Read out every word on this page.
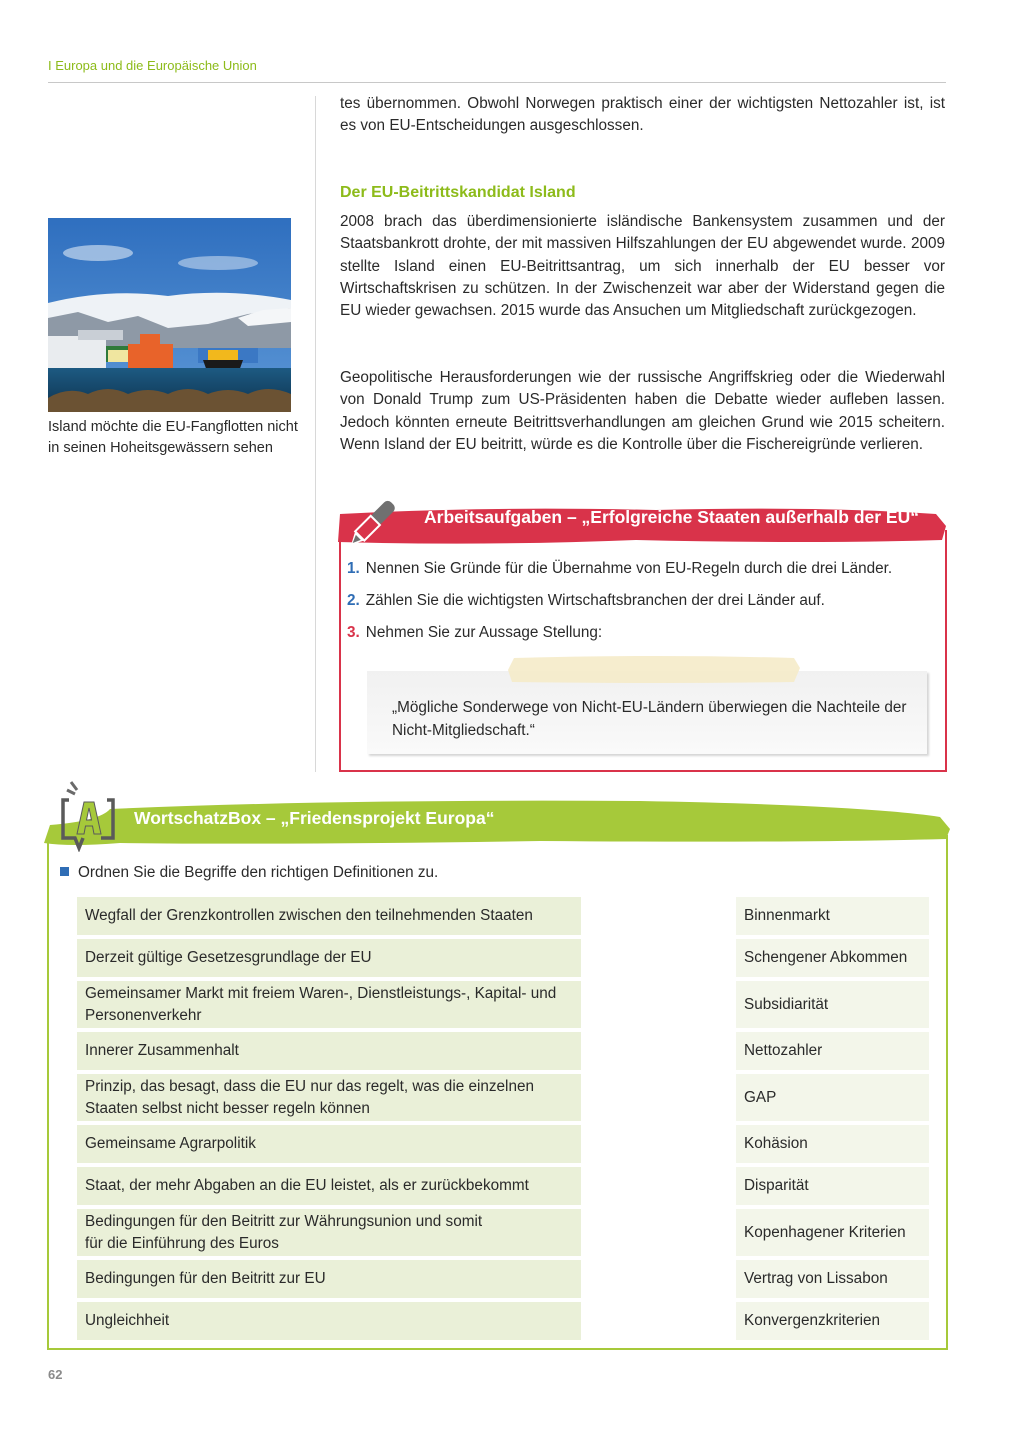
I Europa und die Europäische Union

tes übernommen. Obwohl Norwegen praktisch einer der wichtigsten Nettozahler ist, ist es von EU-Entscheidungen ausgeschlossen.

Der EU-Beitrittskandidat Island

2008 brach das überdimensionierte isländische Bankensystem zusammen und der Staatsbankrott drohte, der mit massiven Hilfszahlungen der EU abgewendet wurde. 2009 stellte Island einen EU-Beitrittsantrag, um sich innerhalb der EU besser vor Wirtschaftskrisen zu schützen. In der Zwischenzeit war aber der Widerstand gegen die EU wieder gewachsen. 2015 wurde das Ansuchen um Mitgliedschaft zurückgezogen.

Geopolitische Herausforderungen wie der russische Angriffskrieg oder die Wiederwahl von Donald Trump zum US-Präsidenten haben die Debatte wieder aufleben lassen. Jedoch könnten erneute Beitrittsverhandlungen am gleichen Grund wie 2015 scheitern. Wenn Island der EU beitritt, würde es die Kontrolle über die Fischereigründe verlieren.

Island möchte die EU-Fangflotten nicht in seinen Hoheitsgewässern sehen
Arbeitsaufgaben – „Erfolgreiche Staaten außerhalb der EU“
1. Nennen Sie Gründe für die Übernahme von EU-Regeln durch die drei Länder.
2. Zählen Sie die wichtigsten Wirtschaftsbranchen der drei Länder auf.
3. Nehmen Sie zur Aussage Stellung:
„Mögliche Sonderwege von Nicht-EU-Ländern überwiegen die Nachteile der Nicht-Mitgliedschaft.“
WortschatzBox – „Friedensprojekt Europa“
Ordnen Sie die Begriffe den richtigen Definitionen zu.
Wegfall der Grenzkontrollen zwischen den teilnehmenden Staaten
Derzeit gültige Gesetzesgrundlage der EU
Gemeinsamer Markt mit freiem Waren-, Dienstleistungs-, Kapital- und Personenverkehr
Innerer Zusammenhalt
Prinzip, das besagt, dass die EU nur das regelt, was die einzelnen Staaten selbst nicht besser regeln können
Gemeinsame Agrarpolitik
Staat, der mehr Abgaben an die EU leistet, als er zurückbekommt
Bedingungen für den Beitritt zur Währungsunion und somit für die Einführung des Euros
Bedingungen für den Beitritt zur EU
Ungleichheit
Binnenmarkt
Schengener Abkommen
Subsidiarität
Nettozahler
GAP
Kohäsion
Disparität
Kopenhagener Kriterien
Vertrag von Lissabon
Konvergenzkriterien
62
